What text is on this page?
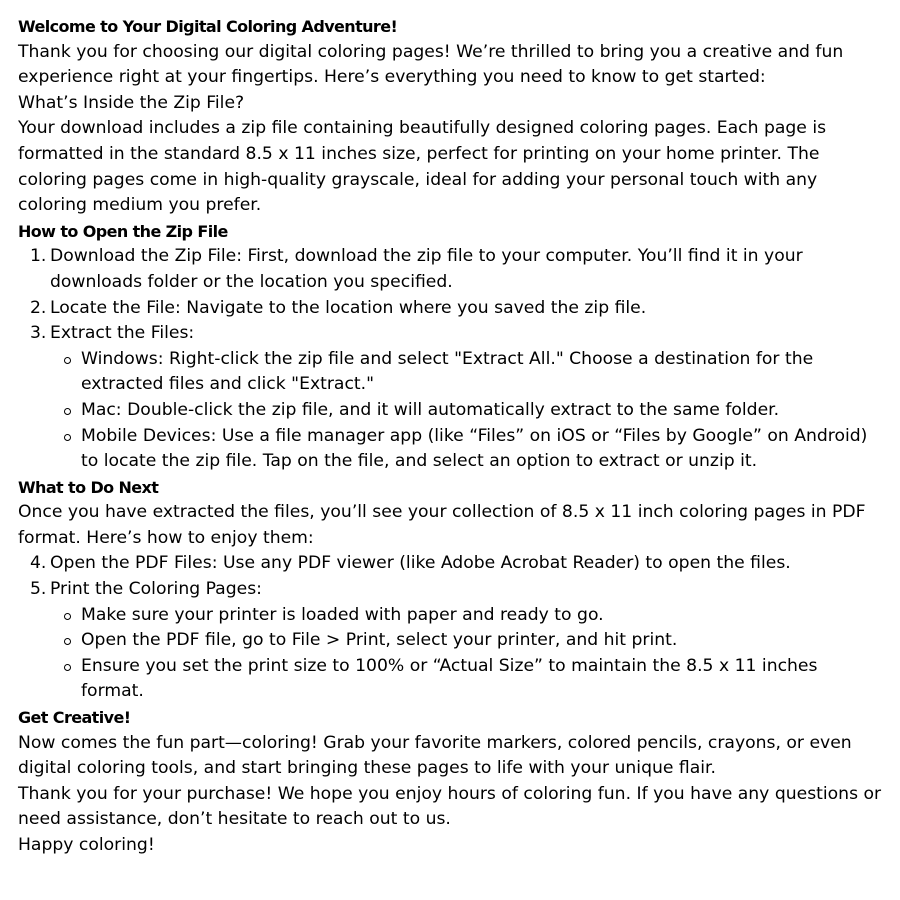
Welcome to Your Digital Coloring Adventure!

Thank you for choosing our digital coloring pages! We’re thrilled to bring you a creative and fun experience right at your fingertips. Here’s everything you need to know to get started:

What’s Inside the Zip File?

Your download includes a zip file containing beautifully designed coloring pages. Each page is formatted in the standard 8.5 x 11 inches size, perfect for printing on your home printer. The coloring pages come in high-quality grayscale, ideal for adding your personal touch with any coloring medium you prefer.

How to Open the Zip File
1. Download the Zip File: First, download the zip file to your computer. You’ll find it in your downloads folder or the location you specified.
2. Locate the File: Navigate to the location where you saved the zip file.
3. Extract the Files:
Windows: Right-click the zip file and select "Extract All." Choose a destination for the extracted files and click "Extract."
Mac: Double-click the zip file, and it will automatically extract to the same folder.
Mobile Devices: Use a file manager app (like “Files” on iOS or “Files by Google” on Android) to locate the zip file. Tap on the file, and select an option to extract or unzip it.
What to Do Next

Once you have extracted the files, you’ll see your collection of 8.5 x 11 inch coloring pages in PDF format. Here’s how to enjoy them:

4. Open the PDF Files: Use any PDF viewer (like Adobe Acrobat Reader) to open the files.
5. Print the Coloring Pages:
Make sure your printer is loaded with paper and ready to go.
Open the PDF file, go to File > Print, select your printer, and hit print.
Ensure you set the print size to 100% or “Actual Size” to maintain the 8.5 x 11 inches format.
Get Creative!

Now comes the fun part—coloring! Grab your favorite markers, colored pencils, crayons, or even digital coloring tools, and start bringing these pages to life with your unique flair.

Thank you for your purchase! We hope you enjoy hours of coloring fun. If you have any questions or need assistance, don’t hesitate to reach out to us.

Happy coloring!
